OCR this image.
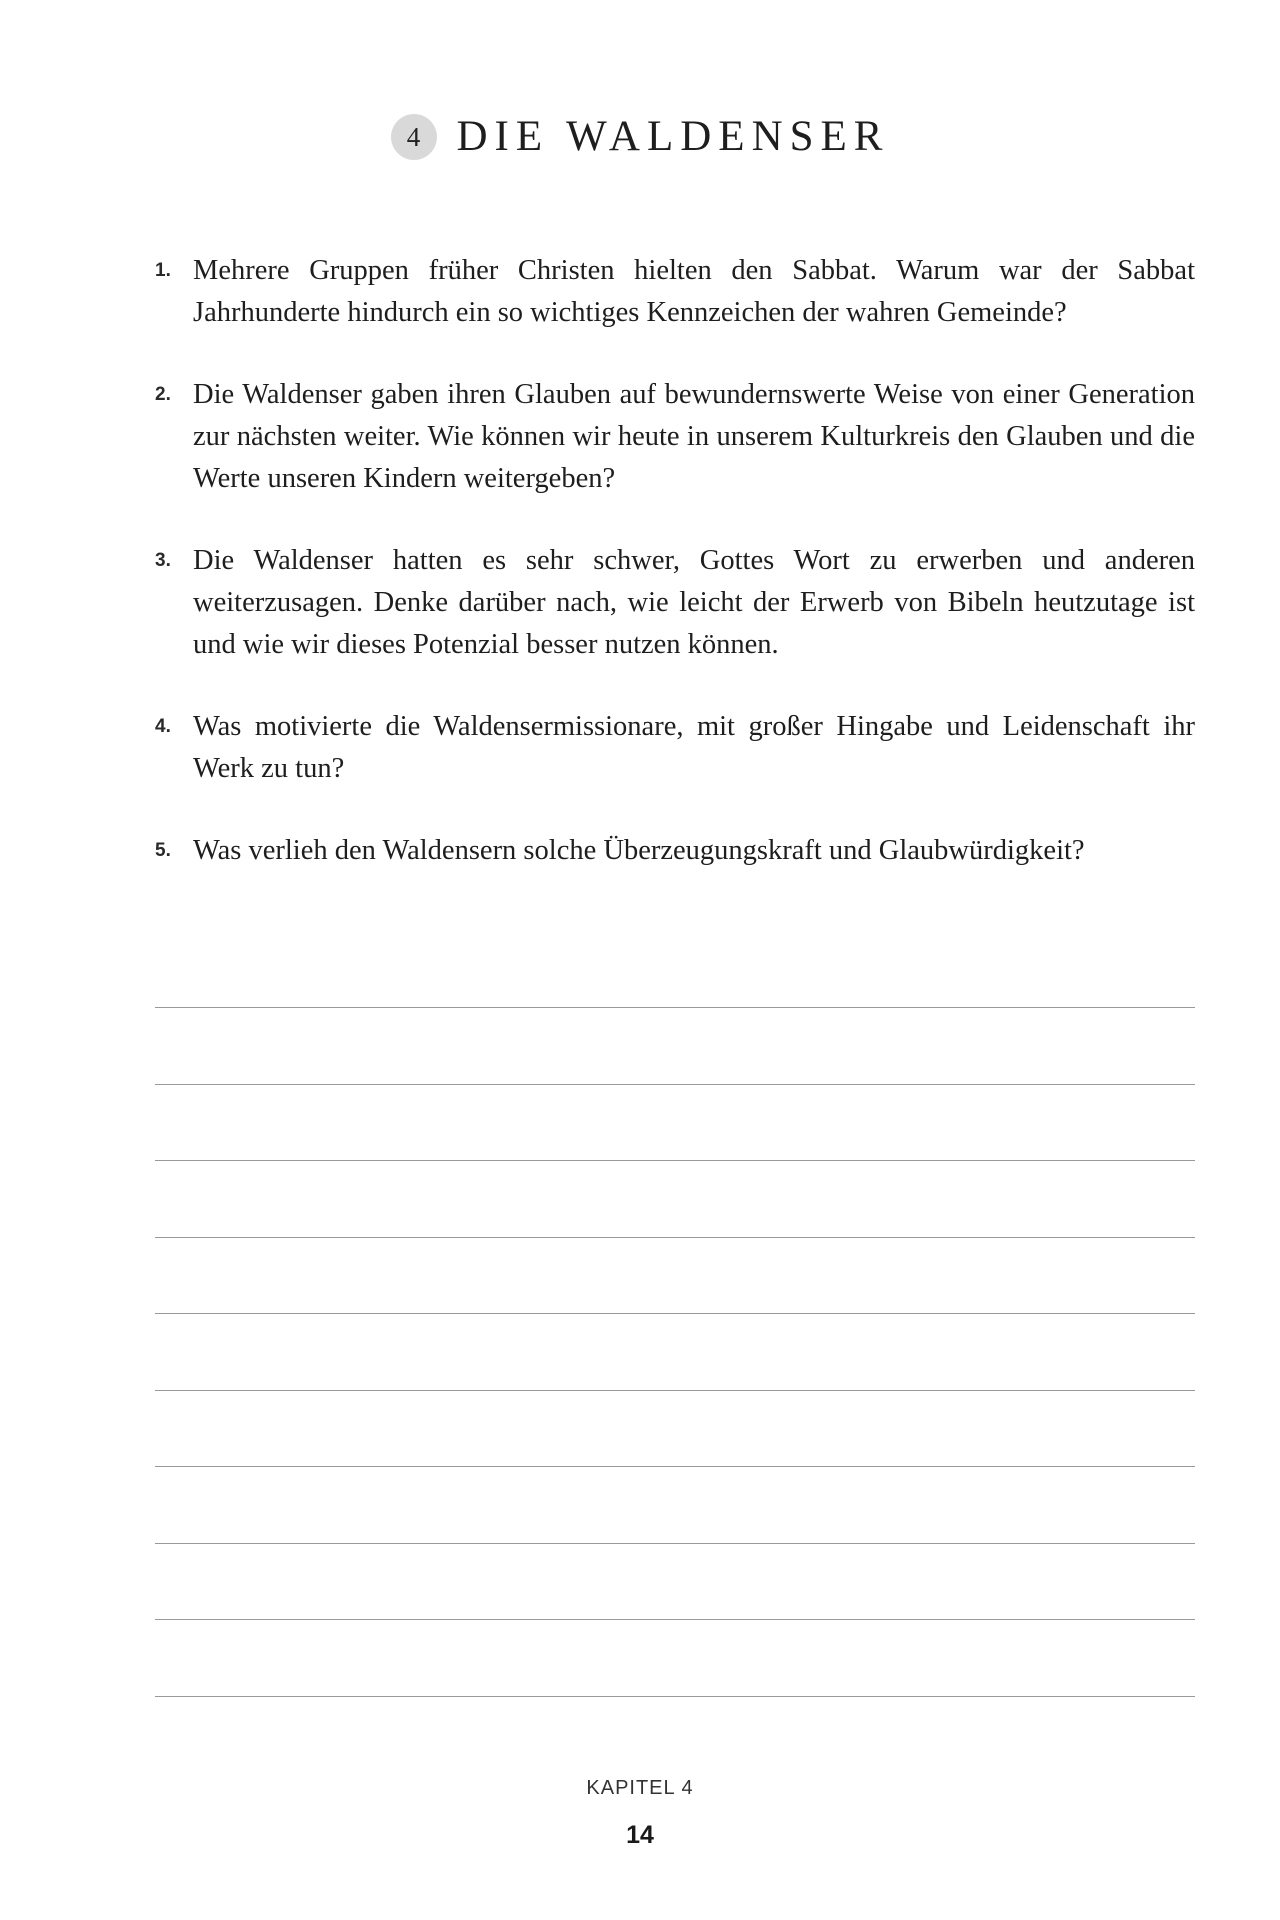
4 DIE WALDENSER
1. Mehrere Gruppen früher Christen hielten den Sabbat. Warum war der Sabbat Jahrhunderte hindurch ein so wichtiges Kennzeichen der wahren Gemeinde?
2. Die Waldenser gaben ihren Glauben auf bewundernswerte Weise von einer Generation zur nächsten weiter. Wie können wir heute in unserem Kulturkreis den Glauben und die Werte unseren Kindern weitergeben?
3. Die Waldenser hatten es sehr schwer, Gottes Wort zu erwerben und anderen weiterzusagen. Denke darüber nach, wie leicht der Erwerb von Bibeln heutzutage ist und wie wir dieses Potenzial besser nutzen können.
4. Was motivierte die Waldensermissionare, mit großer Hingabe und Leidenschaft ihr Werk zu tun?
5. Was verlieh den Waldensern solche Überzeugungskraft und Glaubwürdigkeit?
KAPITEL 4
14
